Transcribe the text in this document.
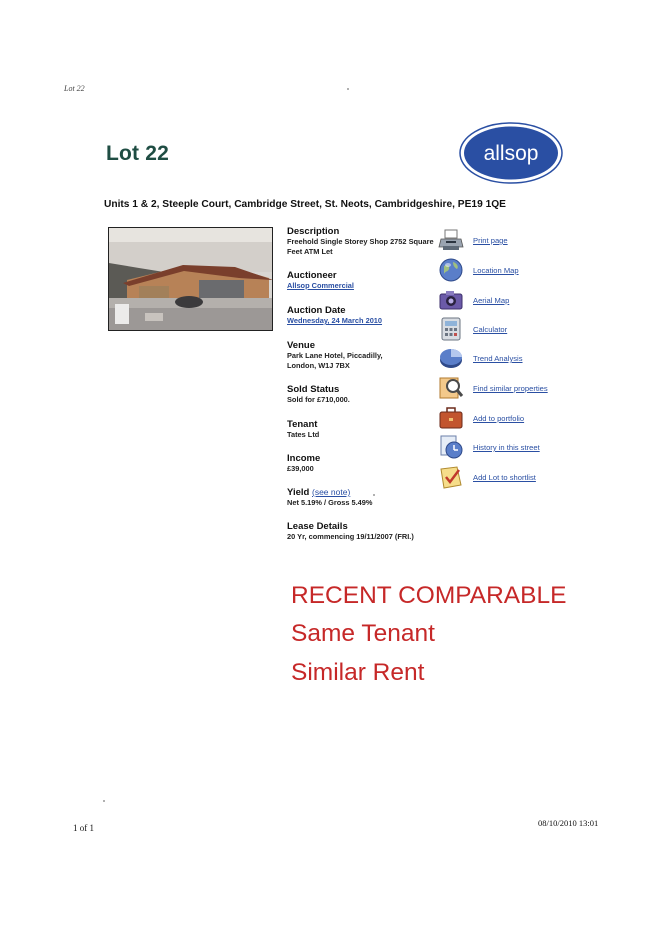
Lot 22
Lot 22	allsop
Units 1 & 2, Steeple Court, Cambridge Street, St. Neots, Cambridgeshire, PE19 1QE
Description
Freehold Single Storey Shop 2752 Square Feet ATM Let
Auctioneer
Allsop Commercial
Auction Date
Wednesday, 24 March 2010
Venue
Park Lane Hotel, Piccadilly, London, W1J 7BX
Sold Status
Sold for £710,000.
Tenant
Tates Ltd
Income
£39,000
Yield (see note)
Net 5.19% / Gross 5.49%
Lease Details
20 Yr, commencing 19/11/2007 (FRI.)
Print page
Location Map
Aerial Map
Calculator
Trend Analysis
Find similar properties
Add to portfolio
History in this street
Add Lot to shortlist
RECENT COMPARABLE
Same Tenant
Similar Rent
1 of 1	08/10/2010 13:01
